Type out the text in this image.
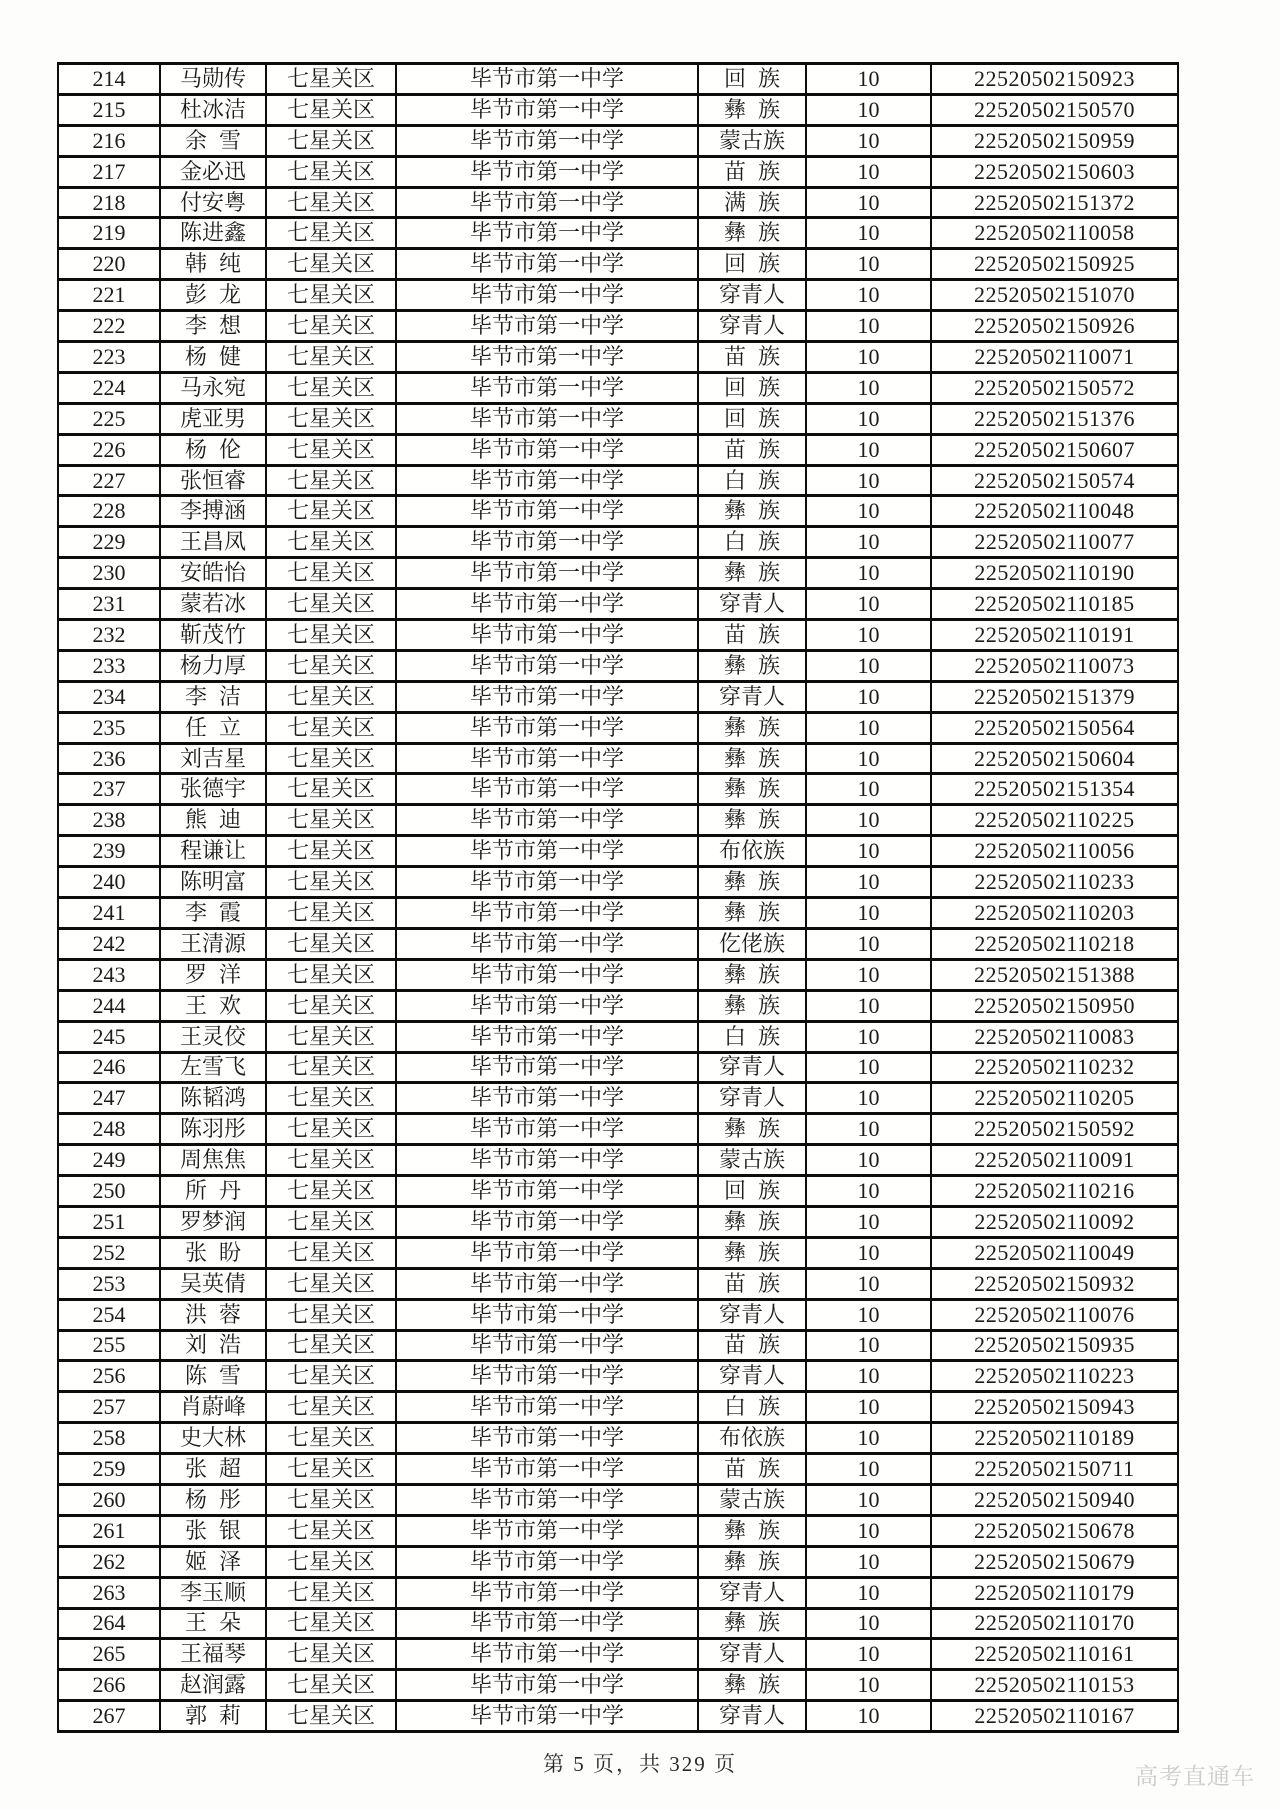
214	马勋传	七星关区	毕节市第一中学	回族	10	22520502150923
215	杜冰洁	七星关区	毕节市第一中学	彝族	10	22520502150570
216	余雪	七星关区	毕节市第一中学	蒙古族	10	22520502150959
217	金必迅	七星关区	毕节市第一中学	苗族	10	22520502150603
218	付安粤	七星关区	毕节市第一中学	满族	10	22520502151372
219	陈进鑫	七星关区	毕节市第一中学	彝族	10	22520502110058
220	韩纯	七星关区	毕节市第一中学	回族	10	22520502150925
221	彭龙	七星关区	毕节市第一中学	穿青人	10	22520502151070
222	李想	七星关区	毕节市第一中学	穿青人	10	22520502150926
223	杨健	七星关区	毕节市第一中学	苗族	10	22520502110071
224	马永宛	七星关区	毕节市第一中学	回族	10	22520502150572
225	虎亚男	七星关区	毕节市第一中学	回族	10	22520502151376
226	杨伦	七星关区	毕节市第一中学	苗族	10	22520502150607
227	张恒睿	七星关区	毕节市第一中学	白族	10	22520502150574
228	李搏涵	七星关区	毕节市第一中学	彝族	10	22520502110048
229	王昌凤	七星关区	毕节市第一中学	白族	10	22520502110077
230	安皓怡	七星关区	毕节市第一中学	彝族	10	22520502110190
231	蒙若冰	七星关区	毕节市第一中学	穿青人	10	22520502110185
232	靳茂竹	七星关区	毕节市第一中学	苗族	10	22520502110191
233	杨力厚	七星关区	毕节市第一中学	彝族	10	22520502110073
234	李洁	七星关区	毕节市第一中学	穿青人	10	22520502151379
235	任立	七星关区	毕节市第一中学	彝族	10	22520502150564
236	刘吉星	七星关区	毕节市第一中学	彝族	10	22520502150604
237	张德宇	七星关区	毕节市第一中学	彝族	10	22520502151354
238	熊迪	七星关区	毕节市第一中学	彝族	10	22520502110225
239	程谦让	七星关区	毕节市第一中学	布依族	10	22520502110056
240	陈明富	七星关区	毕节市第一中学	彝族	10	22520502110233
241	李霞	七星关区	毕节市第一中学	彝族	10	22520502110203
242	王清源	七星关区	毕节市第一中学	仡佬族	10	22520502110218
243	罗洋	七星关区	毕节市第一中学	彝族	10	22520502151388
244	王欢	七星关区	毕节市第一中学	彝族	10	22520502150950
245	王灵佼	七星关区	毕节市第一中学	白族	10	22520502110083
246	左雪飞	七星关区	毕节市第一中学	穿青人	10	22520502110232
247	陈韬鸿	七星关区	毕节市第一中学	穿青人	10	22520502110205
248	陈羽彤	七星关区	毕节市第一中学	彝族	10	22520502150592
249	周焦焦	七星关区	毕节市第一中学	蒙古族	10	22520502110091
250	所丹	七星关区	毕节市第一中学	回族	10	22520502110216
251	罗梦润	七星关区	毕节市第一中学	彝族	10	22520502110092
252	张盼	七星关区	毕节市第一中学	彝族	10	22520502110049
253	吴英倩	七星关区	毕节市第一中学	苗族	10	22520502150932
254	洪蓉	七星关区	毕节市第一中学	穿青人	10	22520502110076
255	刘浩	七星关区	毕节市第一中学	苗族	10	22520502150935
256	陈雪	七星关区	毕节市第一中学	穿青人	10	22520502110223
257	肖蔚峰	七星关区	毕节市第一中学	白族	10	22520502150943
258	史大林	七星关区	毕节市第一中学	布依族	10	22520502110189
259	张超	七星关区	毕节市第一中学	苗族	10	22520502150711
260	杨彤	七星关区	毕节市第一中学	蒙古族	10	22520502150940
261	张银	七星关区	毕节市第一中学	彝族	10	22520502150678
262	姬泽	七星关区	毕节市第一中学	彝族	10	22520502150679
263	李玉顺	七星关区	毕节市第一中学	穿青人	10	22520502110179
264	王朵	七星关区	毕节市第一中学	彝族	10	22520502110170
265	王福琴	七星关区	毕节市第一中学	穿青人	10	22520502110161
266	赵润露	七星关区	毕节市第一中学	彝族	10	22520502110153
267	郭莉	七星关区	毕节市第一中学	穿青人	10	22520502110167
第 5 页，共 329 页	高考直通车
